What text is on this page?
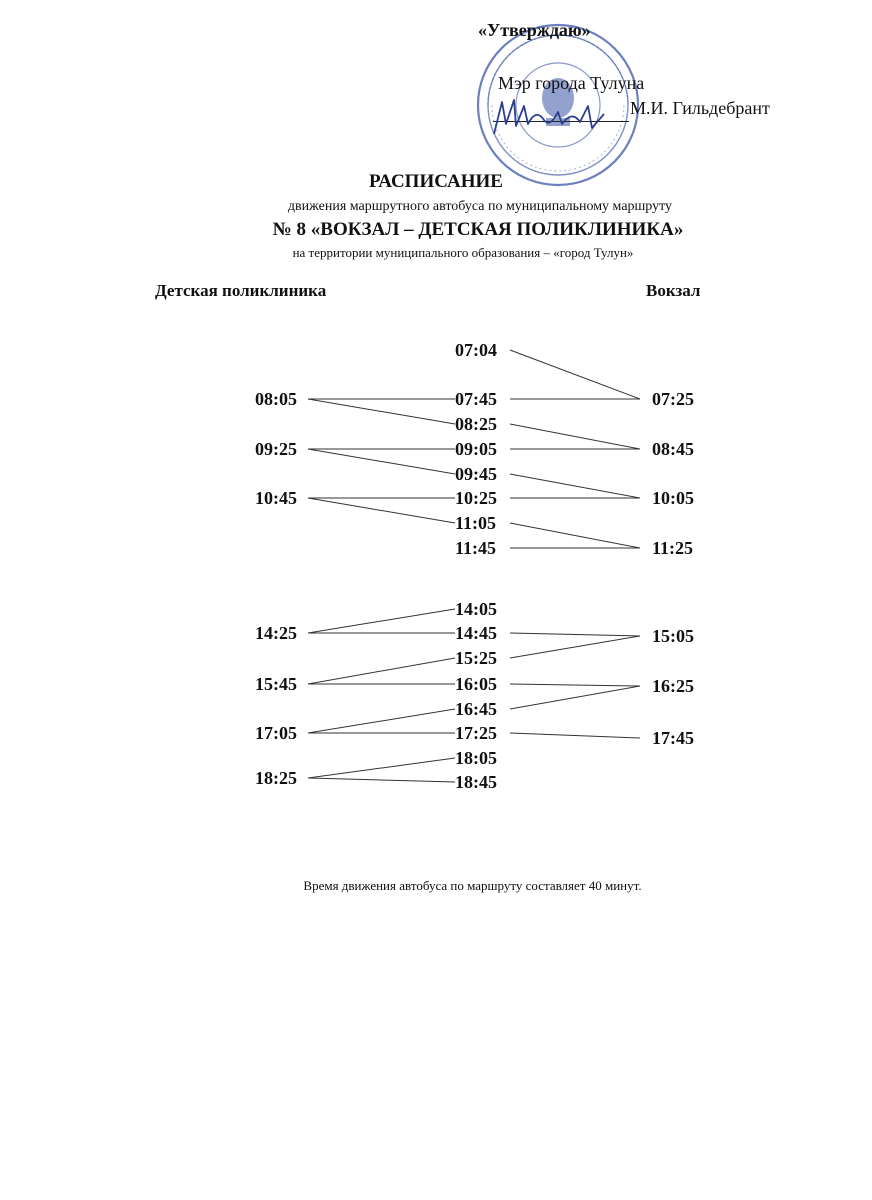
«Утверждаю»
Мэр города Тулуна
М.И. Гильдебрант
РАСПИСАНИЕ
движения маршрутного автобуса по муниципальному маршруту
№ 8 «ВОКЗАЛ – ДЕТСКАЯ ПОЛИКЛИНИКА»
на территории муниципального образования – «город Тулун»
Детская поликлиника	Вокзал
08:05
09:25
10:45
14:25
15:45
17:05
18:25
07:04
07:45
08:25
09:05
09:45
10:25
11:05
11:45
14:05
14:45
15:25
16:05
16:45
17:25
18:05
18:45
07:25
08:45
10:05
11:25
15:05
16:25
17:45
Время движения автобуса по маршруту составляет 40 минут.
